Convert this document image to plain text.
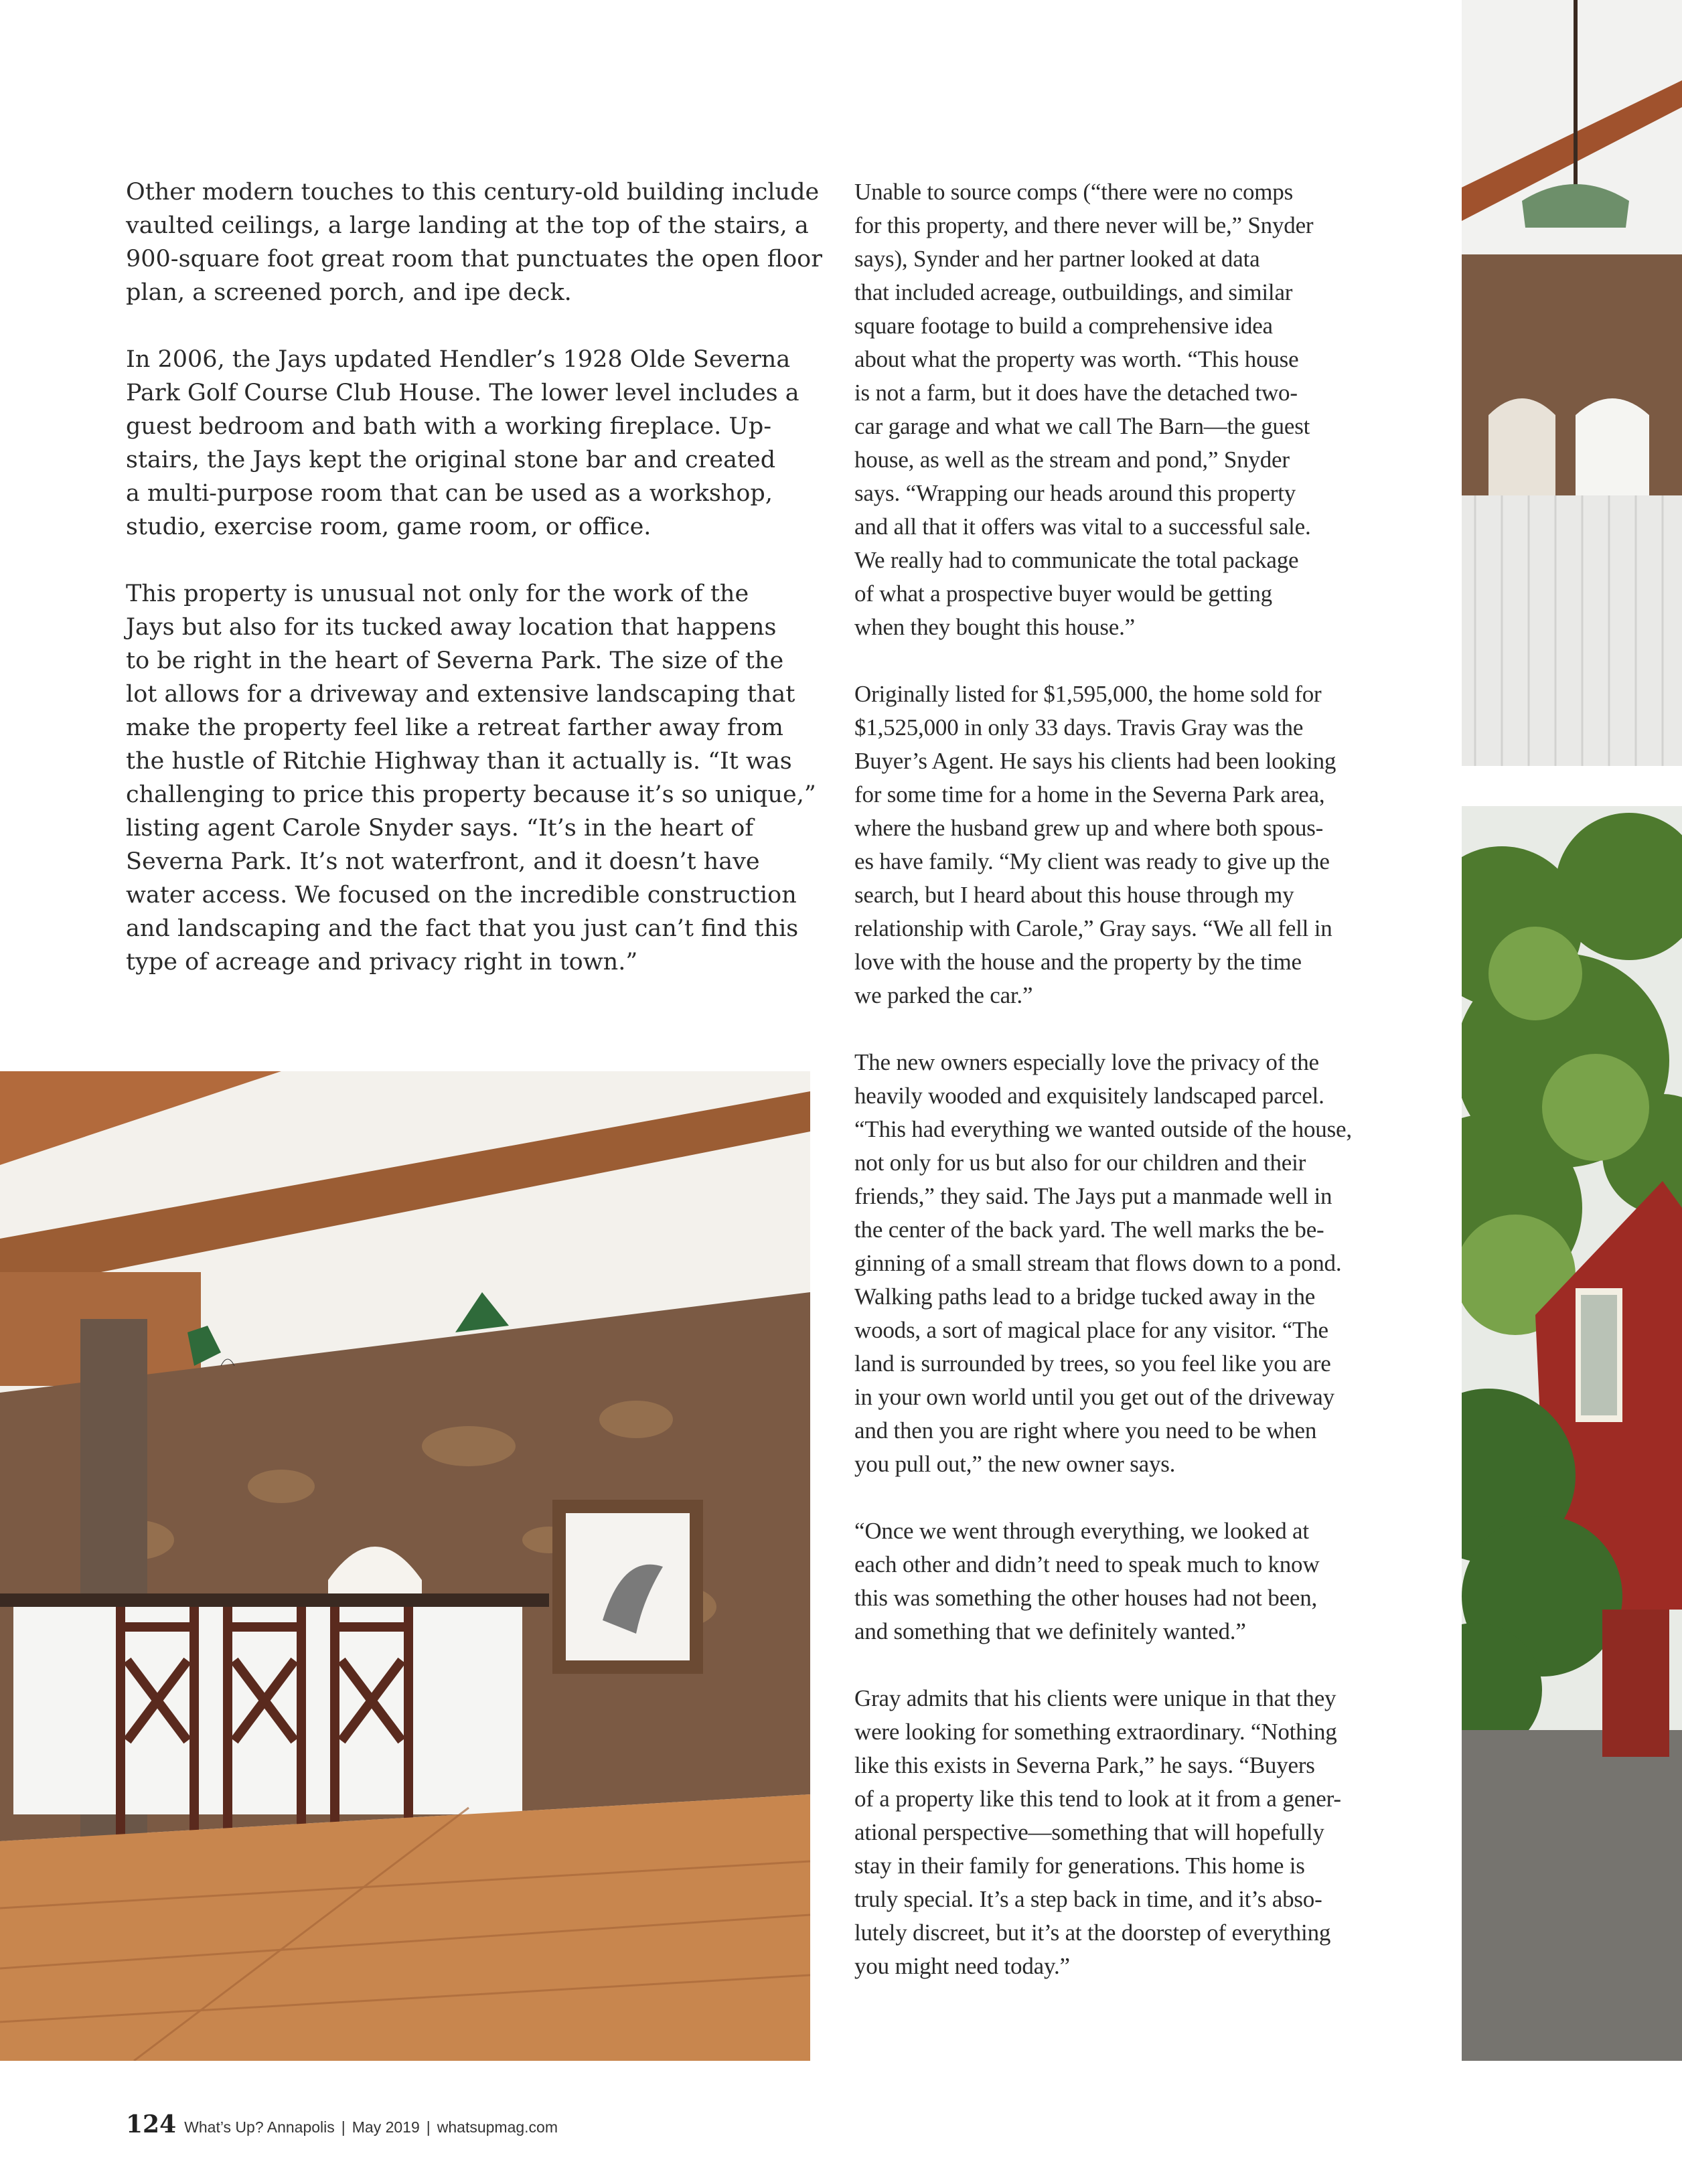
Other modern touches to this century-old building include
vaulted ceilings, a large landing at the top of the stairs, a
900-square foot great room that punctuates the open floor
plan, a screened porch, and ipe deck.

In 2006, the Jays updated Hendler’s 1928 Olde Severna
Park Golf Course Club House. The lower level includes a
guest bedroom and bath with a working fireplace. Up-
stairs, the Jays kept the original stone bar and created
a multi-purpose room that can be used as a workshop,
studio, exercise room, game room, or office.

This property is unusual not only for the work of the
Jays but also for its tucked away location that happens
to be right in the heart of Severna Park. The size of the
lot allows for a driveway and extensive landscaping that
make the property feel like a retreat farther away from
the hustle of Ritchie Highway than it actually is. “It was
challenging to price this property because it’s so unique,”
listing agent Carole Snyder says. “It’s in the heart of
Severna Park. It’s not waterfront, and it doesn’t have
water access. We focused on the incredible construction
and landscaping and the fact that you just can’t find this
type of acreage and privacy right in town.”

Unable to source comps (“there were no comps
for this property, and there never will be,” Snyder
says), Synder and her partner looked at data
that included acreage, outbuildings, and similar
square footage to build a comprehensive idea
about what the property was worth. “This house
is not a farm, but it does have the detached two-
car garage and what we call The Barn—the guest
house, as well as the stream and pond,” Snyder
says. “Wrapping our heads around this property
and all that it offers was vital to a successful sale.
We really had to communicate the total package
of what a prospective buyer would be getting
when they bought this house.”

Originally listed for $1,595,000, the home sold for
$1,525,000 in only 33 days. Travis Gray was the
Buyer’s Agent. He says his clients had been looking
for some time for a home in the Severna Park area,
where the husband grew up and where both spous-
es have family. “My client was ready to give up the
search, but I heard about this house through my
relationship with Carole,” Gray says. “We all fell in
love with the house and the property by the time
we parked the car.”

The new owners especially love the privacy of the
heavily wooded and exquisitely landscaped parcel.
“This had everything we wanted outside of the house,
not only for us but also for our children and their
friends,” they said. The Jays put a manmade well in
the center of the back yard. The well marks the be-
ginning of a small stream that flows down to a pond.
Walking paths lead to a bridge tucked away in the
woods, a sort of magical place for any visitor. “The
land is surrounded by trees, so you feel like you are
in your own world until you get out of the driveway
and then you are right where you need to be when
you pull out,” the new owner says.

“Once we went through everything, we looked at
each other and didn’t need to speak much to know
this was something the other houses had not been,
and something that we definitely wanted.”

Gray admits that his clients were unique in that they
were looking for something extraordinary. “Nothing
like this exists in Severna Park,” he says. “Buyers
of a property like this tend to look at it from a gener-
ational perspective—something that will hopefully
stay in their family for generations. This home is
truly special. It’s a step back in time, and it’s abso-
lutely discreet, but it’s at the doorstep of everything
you might need today.”

124 What’s Up? Annapolis | May 2019 | whatsupmag.com
